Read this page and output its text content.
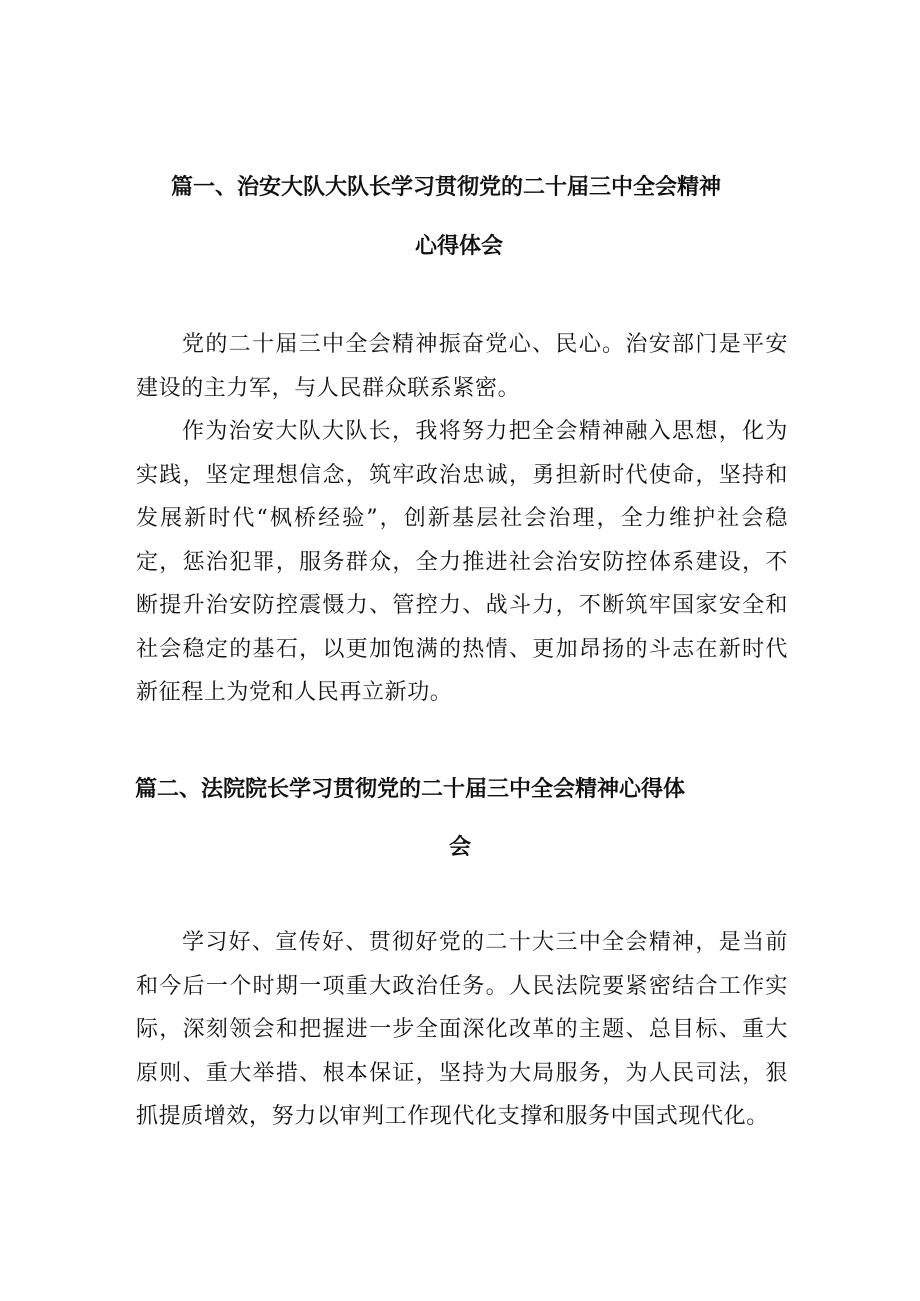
篇一、治安大队大队长学习贯彻党的二十届三中全会精神
心得体会

党的二十届三中全会精神振奋党心、民心。治安部门是平安建设的主力军，与人民群众联系紧密。

作为治安大队大队长，我将努力把全会精神融入思想，化为实践，坚定理想信念，筑牢政治忠诚，勇担新时代使命，坚持和发展新时代“枫桥经验”，创新基层社会治理，全力维护社会稳定，惩治犯罪，服务群众，全力推进社会治安防控体系建设，不断提升治安防控震慑力、管控力、战斗力，不断筑牢国家安全和社会稳定的基石，以更加饱满的热情、更加昂扬的斗志在新时代新征程上为党和人民再立新功。

篇二、法院院长学习贯彻党的二十届三中全会精神心得体
会

学习好、宣传好、贯彻好党的二十大三中全会精神，是当前和今后一个时期一项重大政治任务。人民法院要紧密结合工作实际，深刻领会和把握进一步全面深化改革的主题、总目标、重大原则、重大举措、根本保证，坚持为大局服务，为人民司法，狠抓提质增效，努力以审判工作现代化支撑和服务中国式现代化。
